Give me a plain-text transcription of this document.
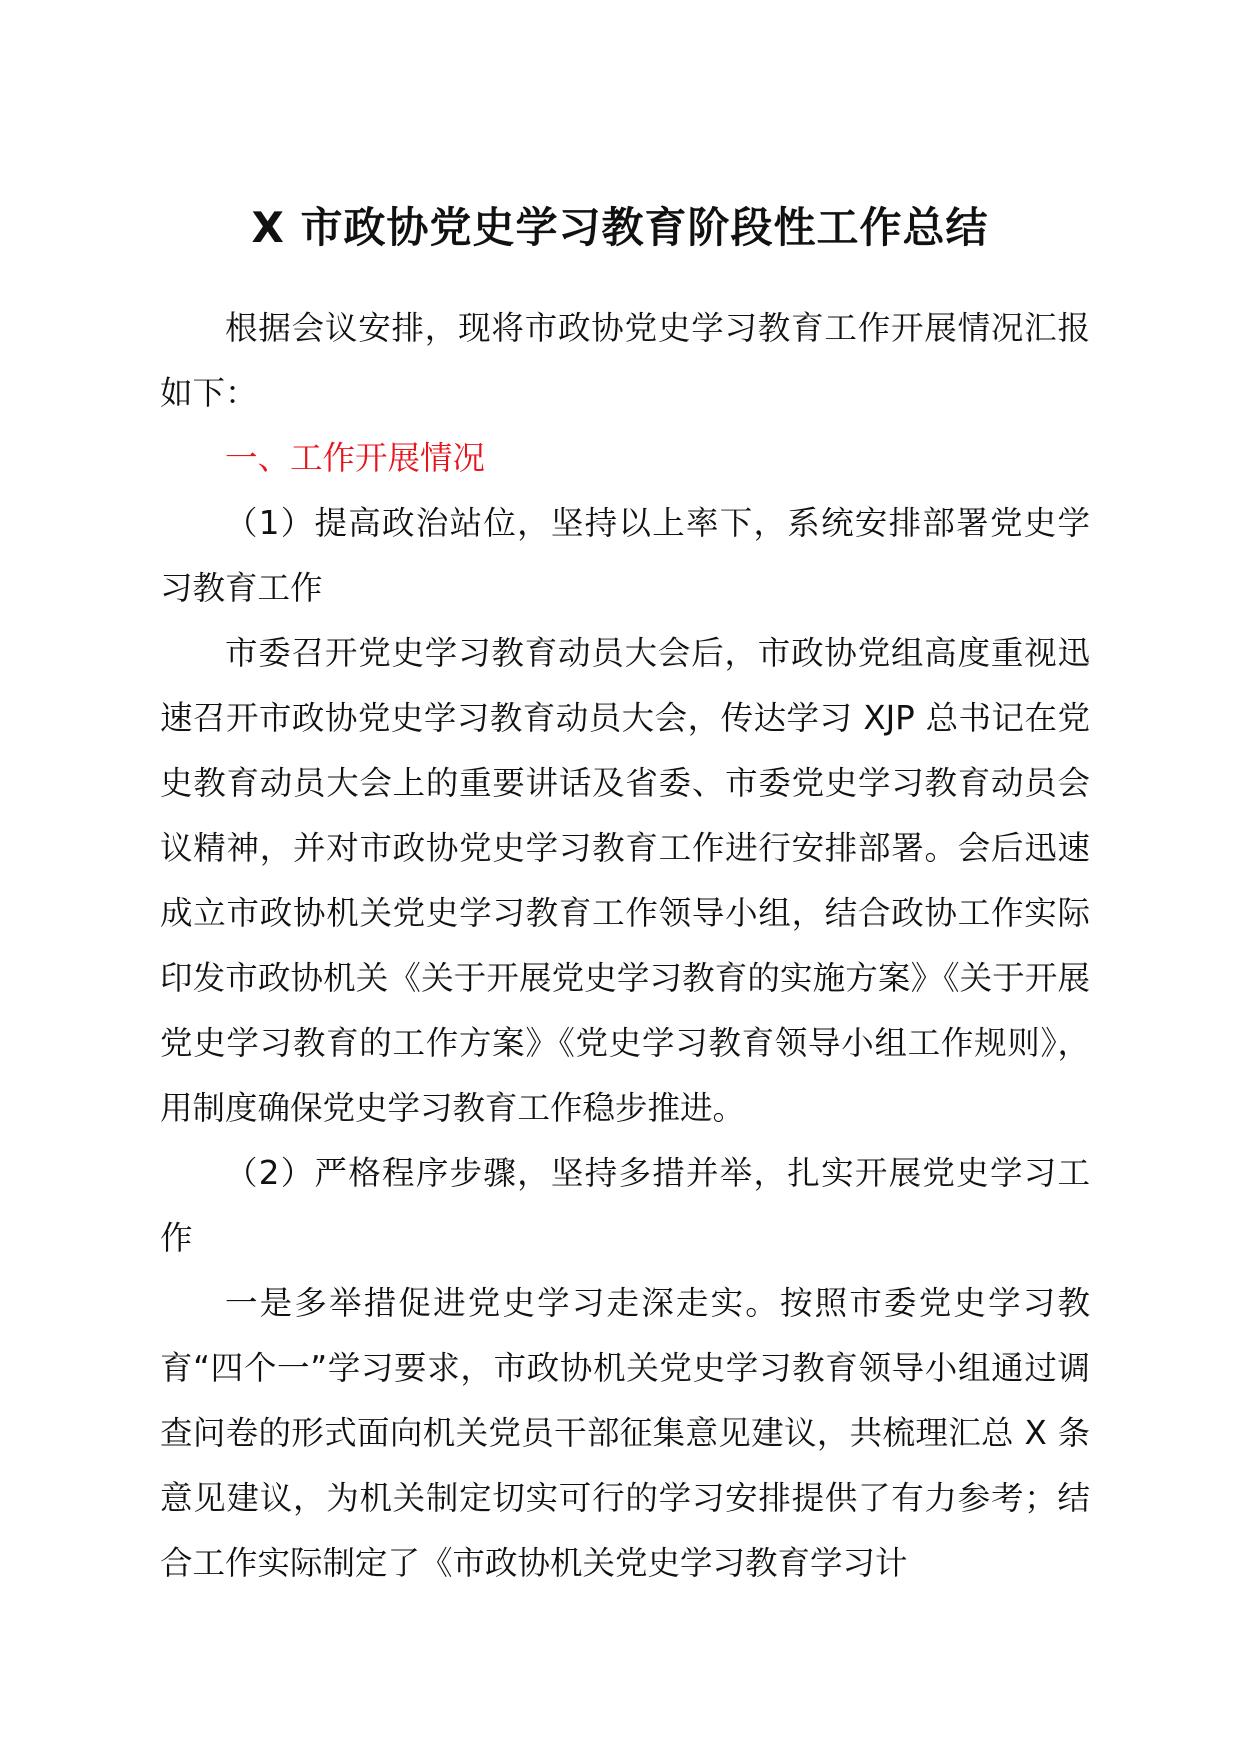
X 市政协党史学习教育阶段性工作总结

根据会议安排，现将市政协党史学习教育工作开展情况汇报如下：

一、工作开展情况

（1）提高政治站位，坚持以上率下，系统安排部署党史学习教育工作

市委召开党史学习教育动员大会后，市政协党组高度重视迅速召开市政协党史学习教育动员大会，传达学习 XJP 总书记在党史教育动员大会上的重要讲话及省委、市委党史学习教育动员会议精神，并对市政协党史学习教育工作进行安排部署。会后迅速成立市政协机关党史学习教育工作领导小组，结合政协工作实际印发市政协机关《关于开展党史学习教育的实施方案》《关于开展党史学习教育的工作方案》《党史学习教育领导小组工作规则》，用制度确保党史学习教育工作稳步推进。

（2）严格程序步骤，坚持多措并举，扎实开展党史学习工作

一是多举措促进党史学习走深走实。按照市委党史学习教育“四个一”学习要求，市政协机关党史学习教育领导小组通过调查问卷的形式面向机关党员干部征集意见建议，共梳理汇总 X 条意见建议，为机关制定切实可行的学习安排提供了有力参考；结合工作实际制定了《市政协机关党史学习教育学习计
